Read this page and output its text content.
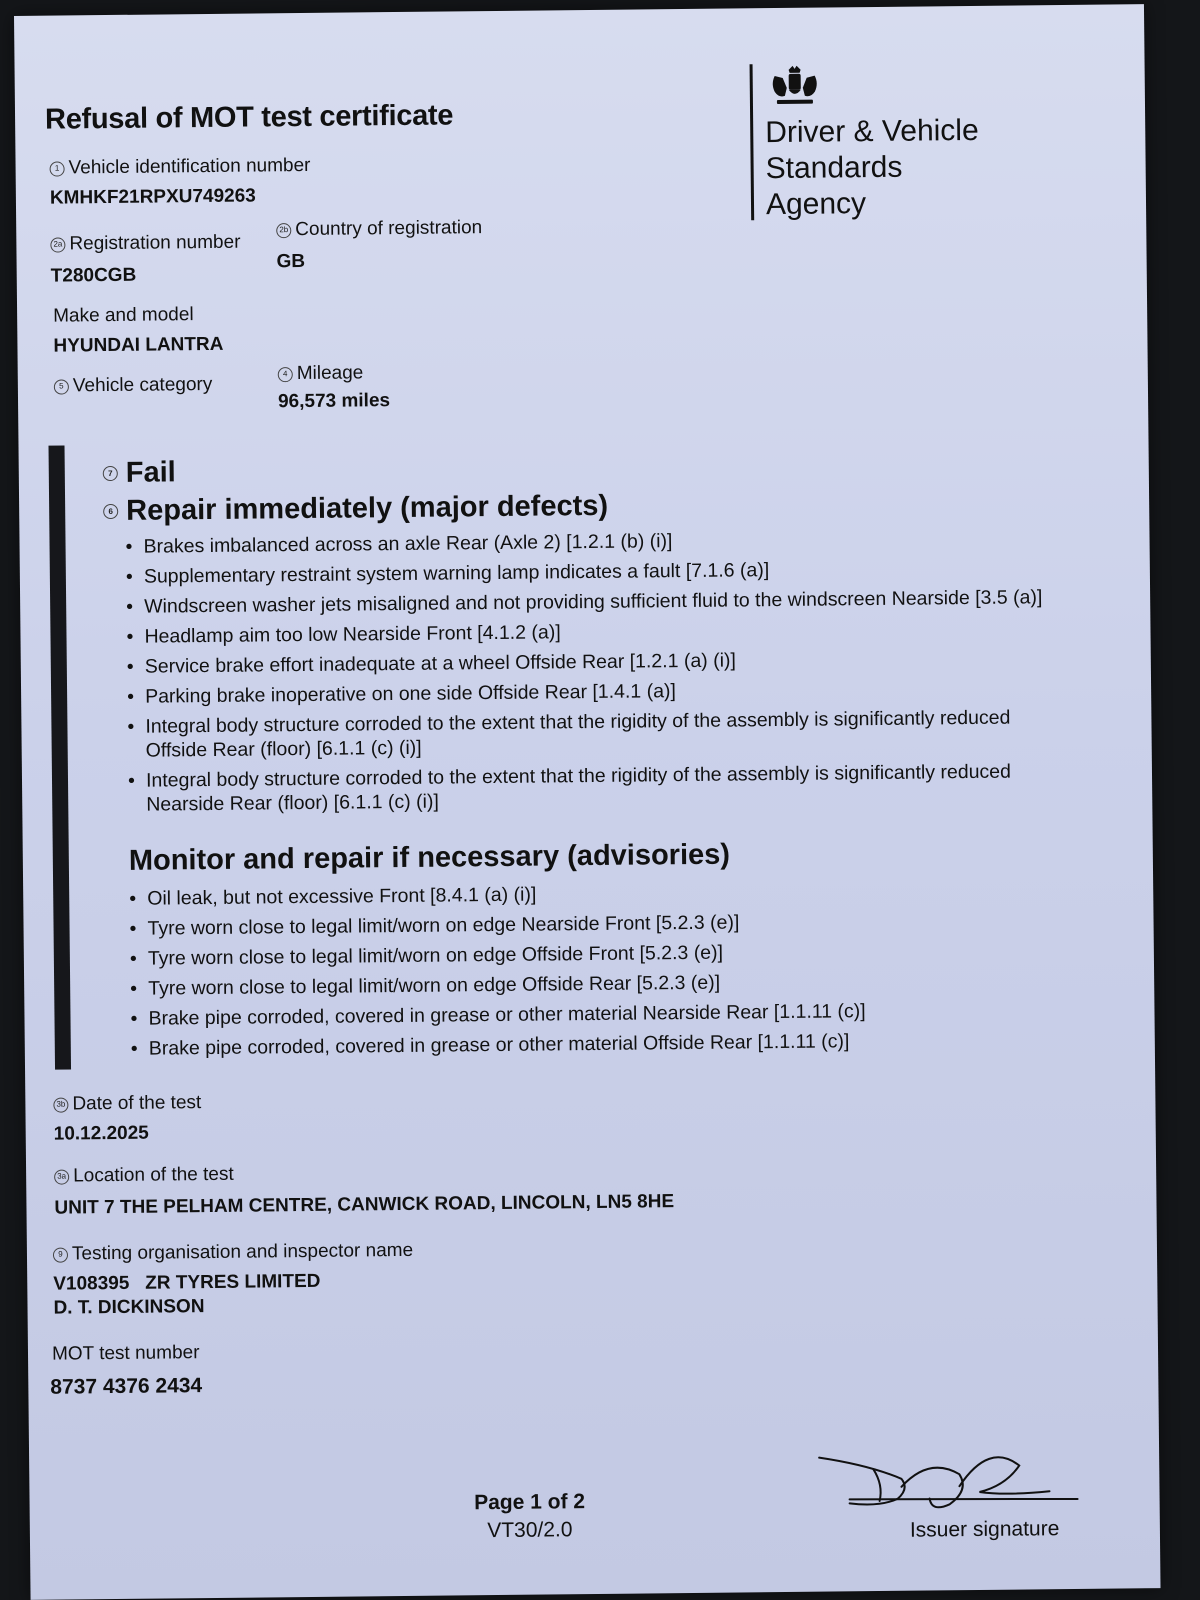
Refusal of MOT test certificate	Driver & Vehicle
Standards
Agency
1 Vehicle identification number
KMHKF21RPXU749263
2a Registration number
T280CGB
2b Country of registration
GB
Make and model
HYUNDAI LANTRA
5 Vehicle category
4 Mileage
96,573 miles
7 Fail
6 Repair immediately (major defects)
• Brakes imbalanced across an axle Rear (Axle 2) [1.2.1 (b) (i)]
• Supplementary restraint system warning lamp indicates a fault [7.1.6 (a)]
• Windscreen washer jets misaligned and not providing sufficient fluid to the windscreen Nearside [3.5 (a)]
• Headlamp aim too low Nearside Front [4.1.2 (a)]
• Service brake effort inadequate at a wheel Offside Rear [1.2.1 (a) (i)]
• Parking brake inoperative on one side Offside Rear [1.4.1 (a)]
• Integral body structure corroded to the extent that the rigidity of the assembly is significantly reduced Offside Rear (floor) [6.1.1 (c) (i)]
• Integral body structure corroded to the extent that the rigidity of the assembly is significantly reduced Nearside Rear (floor) [6.1.1 (c) (i)]
Monitor and repair if necessary (advisories)
• Oil leak, but not excessive Front [8.4.1 (a) (i)]
• Tyre worn close to legal limit/worn on edge Nearside Front [5.2.3 (e)]
• Tyre worn close to legal limit/worn on edge Offside Front [5.2.3 (e)]
• Tyre worn close to legal limit/worn on edge Offside Rear [5.2.3 (e)]
• Brake pipe corroded, covered in grease or other material Nearside Rear [1.1.11 (c)]
• Brake pipe corroded, covered in grease or other material Offside Rear [1.1.11 (c)]
3b Date of the test
10.12.2025
3a Location of the test
UNIT 7 THE PELHAM CENTRE, CANWICK ROAD, LINCOLN, LN5 8HE
9 Testing organisation and inspector name
V108395   ZR TYRES LIMITED
D. T. DICKINSON
MOT test number
8737 4376 2434
Page 1 of 2
VT30/2.0	Issuer signature
